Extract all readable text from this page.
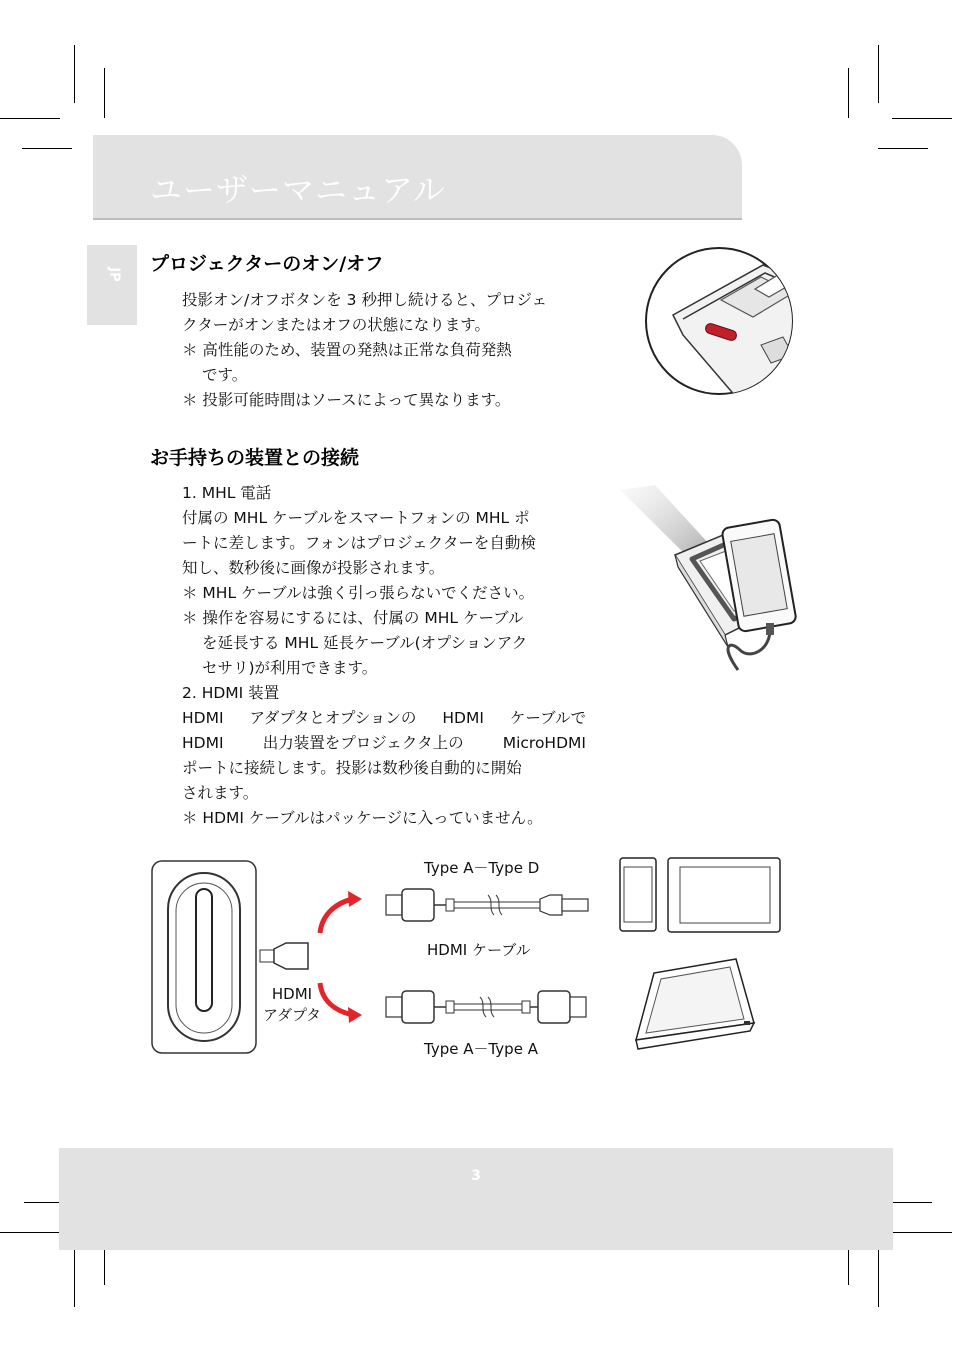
ユーザーマニュアル
JP プロジェクターのオン/オフ
投影オン/オフボタンを 3 秒押し続けると、プロジェ
クターがオンまたはオフの状態になります。
＊ 高性能のため、装置の発熱は正常な負荷発熱
です。
＊ 投影可能時間はソースによって異なります。
お手持ちの装置との接続
1. MHL 電話
付属の MHL ケーブルをスマートフォンの MHL ポ
ートに差します。フォンはプロジェクターを自動検
知し、数秒後に画像が投影されます。
＊ MHL ケーブルは強く引っ張らないでください。
＊ 操作を容易にするには、付属の MHL ケーブル
を延長する MHL 延長ケーブル(オプションアク
セサリ)が利用できます。
2. HDMI 装置
HDMI アダプタとオプションの HDMI ケーブルで
HDMI	出力装置をプロジェクタ上の	MicroHDMI
ポートに接続します。投影は数秒後自動的に開始
されます。
＊ HDMI ケーブルはパッケージに入っていません。
Type A－Type D
HDMI ケーブル
HDMI
アダプタ
Type A－Type A
3
